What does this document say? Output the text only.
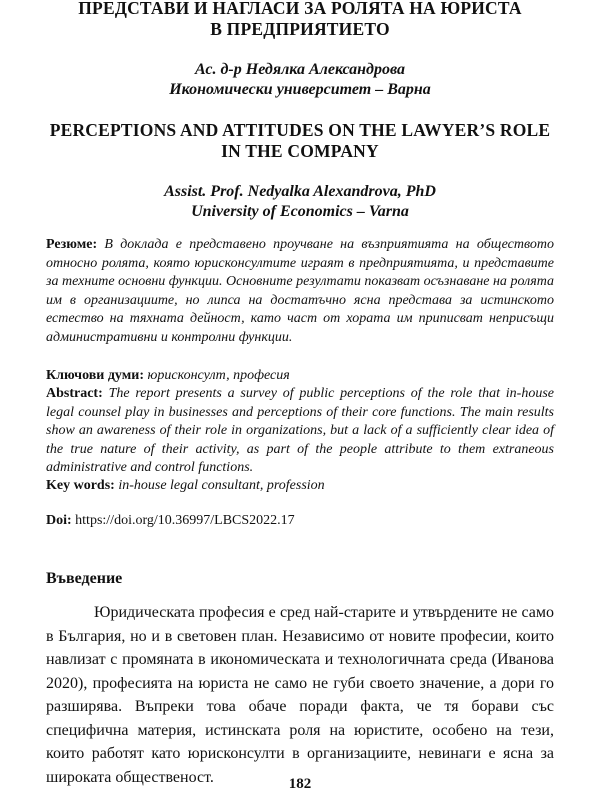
ПРЕДСТАВИ И НАГЛАСИ ЗА РОЛЯТА НА ЮРИСТА
В ПРЕДПРИЯТИЕТО
Ас. д-р Недялка Александрова
Икономически университет – Варна
PERCEPTIONS AND ATTITUDES ON THE LAWYER’S ROLE
IN THE COMPANY
Assist. Prof. Nedyalka Alexandrova, PhD
University of Economics – Varna

Резюме: В доклада е представено проучване на възприятията на обществото относно ролята, която юрисконсултите играят в предприятията, и представите за техните основни функции. Основните резултати показват осъзнаване на ролята им в организациите, но липса на достатъчно ясна представа за истинското естество на тяхната дейност, като част от хората им приписват неприсъщи административни и контролни функции.

Ключови думи: юрисконсулт, професия

Abstract: The report presents a survey of public perceptions of the role that in-house legal counsel play in businesses and perceptions of their core functions. The main results show an awareness of their role in organizations, but a lack of a sufficiently clear idea of the true nature of their activity, as part of the people attribute to them extraneous administrative and control functions.

Key words: in-house legal consultant, profession

Doi: https://doi.org/10.36997/LBCS2022.17

Въведение

Юридическата професия е сред най-старите и утвърдените не само в България, но и в световен план. Независимо от новите професии, които навлизат с промяната в икономическата и технологичната среда (Иванова 2020), професията на юриста не само не губи своето значение, а дори го разширява. Въпреки това обаче поради факта, че тя борави със специфична материя, истинската роля на юристите, особено на тези, които работят като юрисконсулти в организациите, невинаги е ясна за широката общественост.	182
